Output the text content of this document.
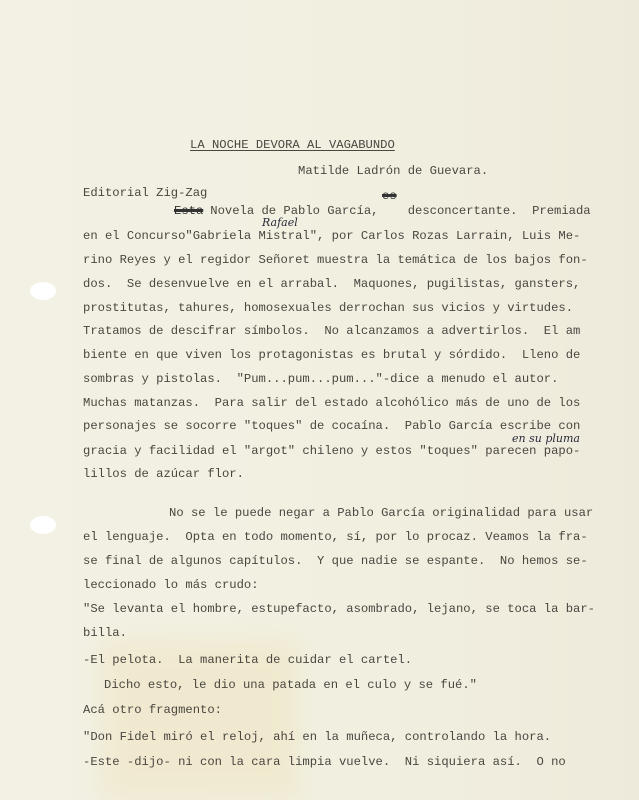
LA NOCHE DEVORA AL VAGABUNDO
Matilde Ladrón de Guevara.
Editorial Zig-Zag	es
Esta Novela de Pablo García,    desconcertante.  Premiada
Rafael
en el Concurso"Gabriela Mistral", por Carlos Rozas Larrain, Luis Me-
rino Reyes y el regidor Señoret muestra la temática de los bajos fon-
dos.  Se desenvuelve en el arrabal.  Maquones, pugilistas, gansters,
prostitutas, tahures, homosexuales derrochan sus vicios y virtudes.
Tratamos de descifrar símbolos.  No alcanzamos a advertirlos.  El am
biente en que viven los protagonistas es brutal y sórdido.  Lleno de
sombras y pistolas.  "Pum...pum...pum..."-dice a menudo el autor.
Muchas matanzas.  Para salir del estado alcohólico más de uno de los
personajes se socorre "toques" de cocaína.  Pablo García escribe con
en su pluma
gracia y facilidad el "argot" chileno y estos "toques" parecen papo-
lillos de azúcar flor.
No se le puede negar a Pablo García originalidad para usar
el lenguaje.  Opta en todo momento, sí, por lo procaz. Veamos la fra-
se final de algunos capítulos.  Y que nadie se espante.  No hemos se-
leccionado lo más crudo:
"Se levanta el hombre, estupefacto, asombrado, lejano, se toca la bar-
billa.
-El pelota.  La manerita de cuidar el cartel.
Dicho esto, le dio una patada en el culo y se fué."
Acá otro fragmento:
"Don Fidel miró el reloj, ahí en la muñeca, controlando la hora.
-Este -dijo- ni con la cara limpia vuelve.  Ni siquiera así.  O no
